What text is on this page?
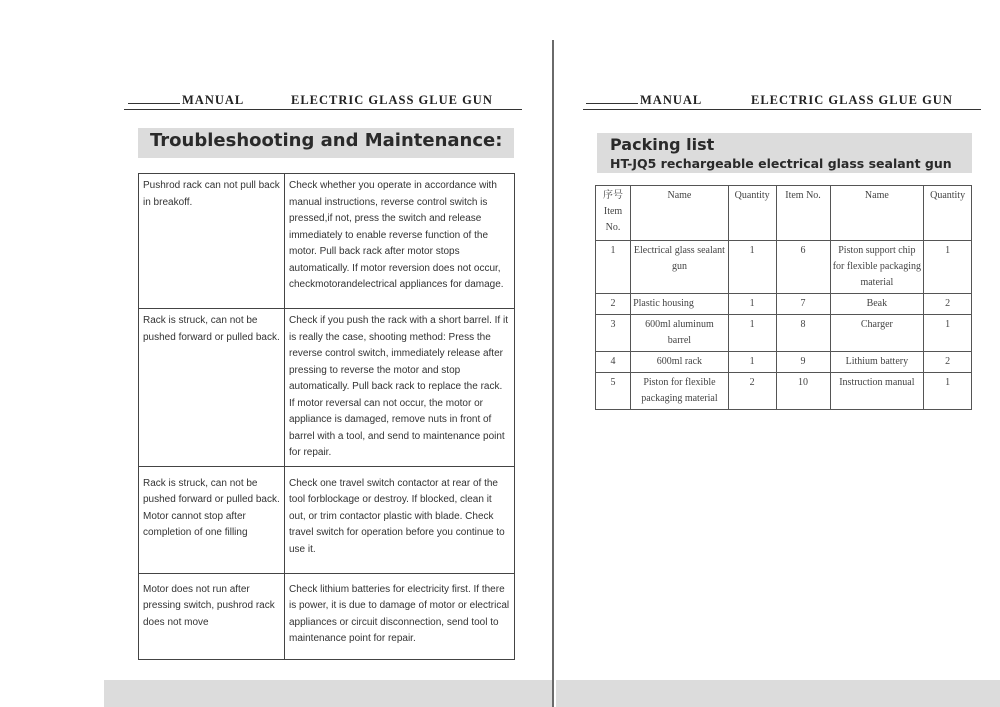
MANUAL	ELECTRIC GLASS GLUE GUN
Troubleshooting and Maintenance:
Pushrod rack can not pull back in breakoff.	Check whether you operate in accordance with manual instructions, reverse control switch is pressed,if not, press the switch and release immediately to enable reverse function of the motor. Pull back rack after motor stops automatically. If motor reversion does not occur, checkmotorandelectrical appliances for damage.
Rack is struck, can not be pushed forward or pulled back.	Check if you push the rack with a short barrel. If it is really the case, shooting method: Press the reverse control switch, immediately release after pressing to reverse the motor and stop automatically. Pull back rack to replace the rack. If motor reversal can not occur, the motor or appliance is damaged, remove nuts in front of barrel with a tool, and send to maintenance point for repair.
Rack is struck, can not be pushed forward or pulled back. Motor cannot stop after completion of one filling	Check one travel switch contactor at rear of the tool forblockage or destroy. If blocked, clean it out, or trim contactor plastic with blade. Check travel switch for operation before you continue to use it.
Motor does not run after pressing switch, pushrod rack does not move	Check lithium batteries for electricity first. If there is power, it is due to damage of motor or electrical appliances or circuit disconnection, send tool to maintenance point for repair.
MANUAL	ELECTRIC GLASS GLUE GUN
Packing list
HT-JQ5 rechargeable electrical glass sealant gun
序号
Item No.	Name	Quantity	Item No.	Name	Quantity
1	Electrical glass sealant gun	1	6	Piston support chip for flexible packaging material	1
2	Plastic housing	1	7	Beak	2
3	600ml aluminum barrel	1	8	Charger	1
4	600ml rack	1	9	Lithium battery	2
5	Piston for flexible packaging material	2	10	Instruction manual	1
